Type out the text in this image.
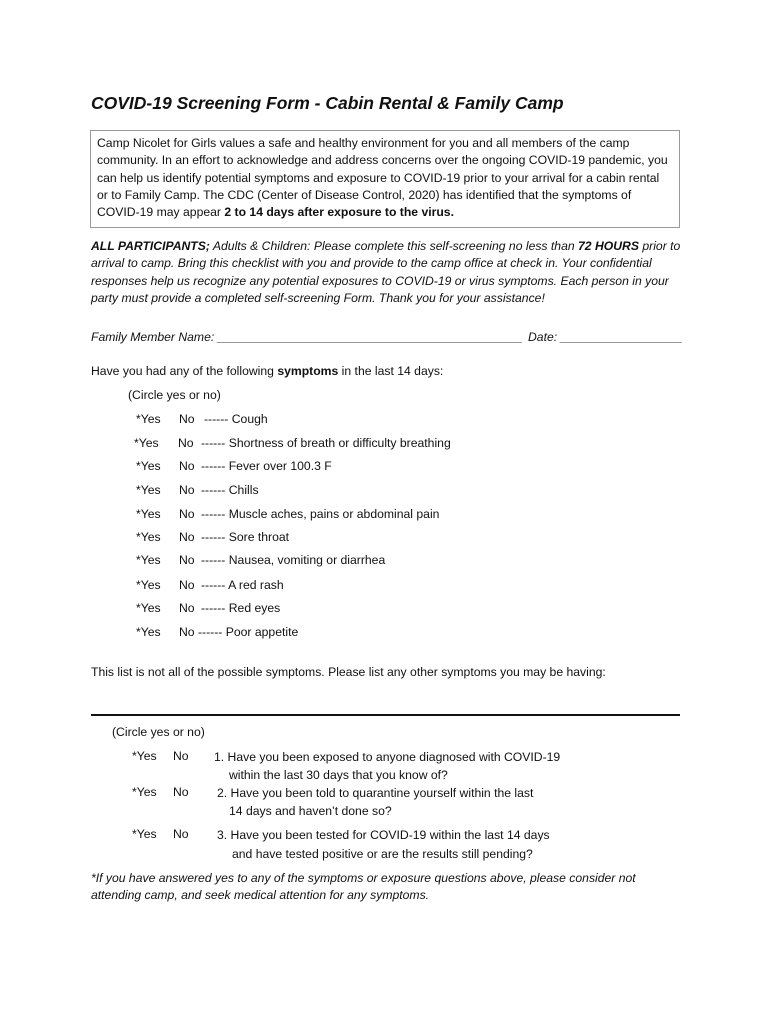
COVID-19 Screening Form - Cabin Rental & Family Camp

Camp Nicolet for Girls values a safe and healthy environment for you and all members of the camp community. In an effort to acknowledge and address concerns over the ongoing COVID-19 pandemic, you can help us identify potential symptoms and exposure to COVID-19 prior to your arrival for a cabin rental or to Family Camp. The CDC (Center of Disease Control, 2020) has identified that the symptoms of COVID-19 may appear 2 to 14 days after exposure to the virus.

ALL PARTICIPANTS; Adults & Children: Please complete this self-screening no less than 72 HOURS prior to arrival to camp. Bring this checklist with you and provide to the camp office at check in. Your confidential responses help us recognize any potential exposures to COVID-19 or virus symptoms. Each person in your party must provide a completed self-screening Form. Thank you for your assistance!

Family Member Name: _____________________________________________ Date: __________________
Have you had any of the following symptoms in the last 14 days:
(Circle yes or no)
*Yes No ------ Cough
*Yes No ------ Shortness of breath or difficulty breathing
*Yes No ------ Fever over 100.3 F
*Yes No ------ Chills
*Yes No ------ Muscle aches, pains or abdominal pain
*Yes No ------ Sore throat
*Yes No ------ Nausea, vomiting or diarrhea
*Yes No ------ A red rash
*Yes No ------ Red eyes
*Yes No ------ Poor appetite
This list is not all of the possible symptoms. Please list any other symptoms you may be having:
(Circle yes or no)
*Yes No 1. Have you been exposed to anyone diagnosed with COVID-19
within the last 30 days that you know of?
*Yes No 2. Have you been told to quarantine yourself within the last
14 days and haven’t done so?
*Yes No 3. Have you been tested for COVID-19 within the last 14 days
and have tested positive or are the results still pending?

*If you have answered yes to any of the symptoms or exposure questions above, please consider not attending camp, and seek medical attention for any symptoms.
